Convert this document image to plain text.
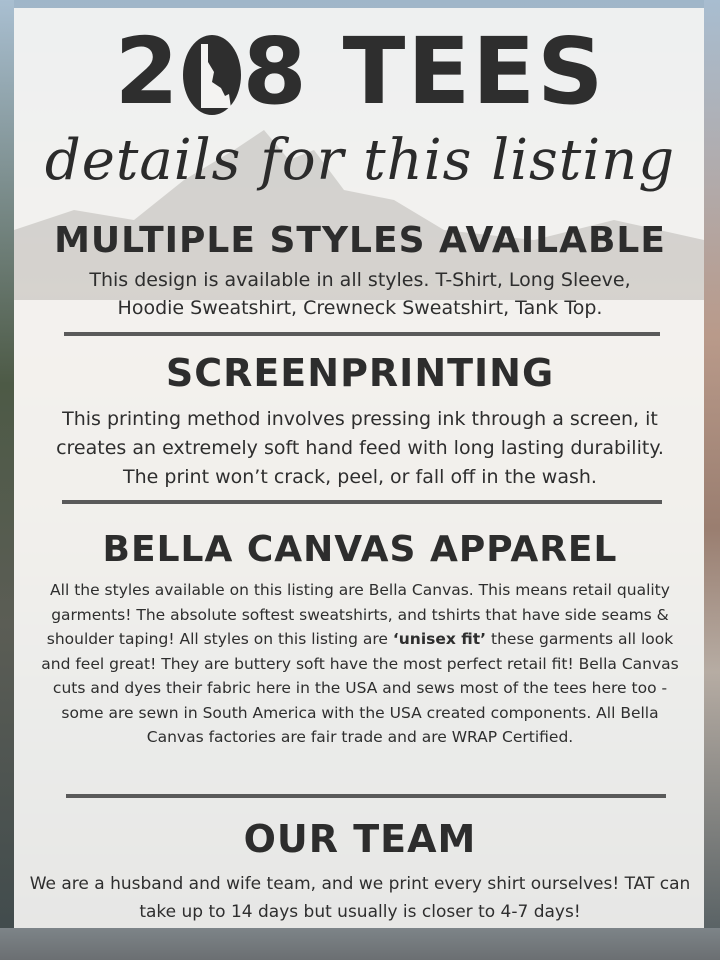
2 8 TEES
details for this listing
MULTIPLE STYLES AVAILABLE
This design is available in all styles. T-Shirt, Long Sleeve, Hoodie Sweatshirt, Crewneck Sweatshirt, Tank Top.
SCREENPRINTING
This printing method involves pressing ink through a screen, it creates an extremely soft hand feed with long lasting durability. The print won’t crack, peel, or fall off in the wash.
BELLA CANVAS APPAREL
All the styles available on this listing are Bella Canvas. This means retail quality garments! The absolute softest sweatshirts, and tshirts that have side seams & shoulder taping! All styles on this listing are ‘unisex fit’ these garments all look and feel great! They are buttery soft have the most perfect retail fit! Bella Canvas cuts and dyes their fabric here in the USA and sews most of the tees here too - some are sewn in South America with the USA created components. All Bella Canvas factories are fair trade and are WRAP Certified.
OUR TEAM
We are a husband and wife team, and we print every shirt ourselves! TAT can take up to 14 days but usually is closer to 4-7 days!
